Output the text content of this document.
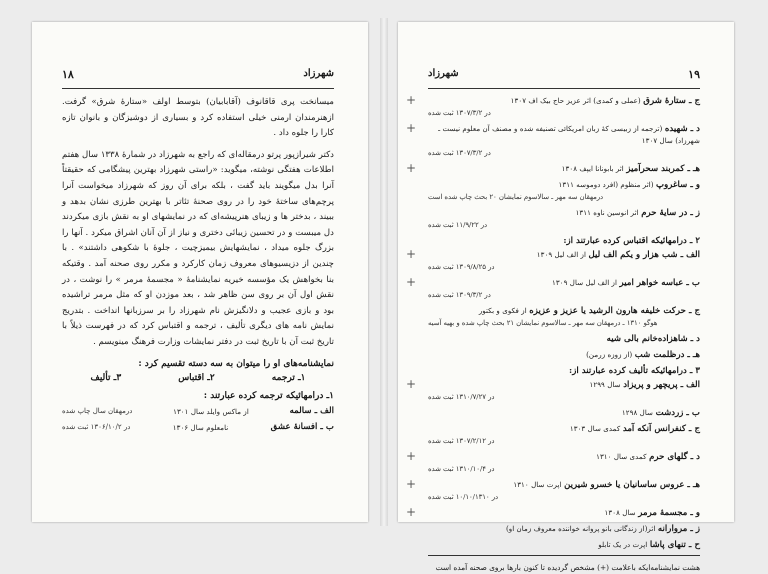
۱۸	شهرزاد

میسانخت پری قاقانوف (آقابابیان) بتوسط اولف «ستارهٔ شرق» گرفت. ازهنرمندان ارمنی خیلی استفاده کرد و بسیاری از دوشیزگان و بانوان تازه کارا را جلوه داد .

دکتر شیرازپور پرتو درمقاله‌ای که راجع به شهرزاد در شمارهٔ ۱۳۳۸ سال هفتم اطلاعات هفتگی نوشته، میگوید: «راستی شهرزاد بهترین پیشگامی که حقیقتاً آنرا بدل میگویند باید گفت ، بلکه برای آن روز که شهرزاد میخواست آنرا پرچم‌های ساختهٔ خود را در روی صحنهٔ تئاتر با بهترین طرزی نشان بدهد و ببیند ، بدختر ها و زیبای هنرپیشه‌ای که در نمایشهای او به نقش بازی میکردند دل میبست و در تحسین زیبائی دختری و نیاز از آن آنان اشراق میکرد . آنها را بزرگ جلوه میداد ، نمایشهایش بیمیزچیت ، جلوهٔ با شکوهی داشتند» . با چندین از دزیسیوهای معروف زمان کارکرد و مکرر روی صحنه آمد . وقتیکه بنا بخواهش یک مؤسسه خیریه نمایشنامهٔ « مجسمهٔ مرمر » را نوشت ، در نقش اول آن بر روی سن ظاهر شد ، بعد موزدن او که مثل مرمر تراشیده بود و بازی عجیب و دلانگیزش نام شهرزاد را بر سرزبانها انداخت . بتدریج نمایش نامه های دیگری تألیف ، ترجمه و اقتباس کرد که در فهرست ذیلاً با تاریخ ثبت آن با تاریخ ثبت در دفتر نمایشات وزارت فرهنگ مینویسم .

نمایشنامه‌های او را میتوان به سه دسته تقسیم کرد :
۱ـ ترجمه
۲ـ اقتباس
۳ـ تألیف
۱ـ درامهائیکه ترجمه کرده عبارتند :
الف ـ سالمه
از ماکس وایلد سال ۱۳۰۱
درمهقان سال چاپ شده
ب ـ افسانهٔ عشق
نامعلوم سال ۱۳۰۶
در ۱۳۰۶/۱۰/۲ ثبت شده
۱۹
شهرزاد
+	ج ـ ستارهٔ شرق (عملی و کمدی) اثر عزیز حاج بیک اف ۱۳۰۷
در ۱۳۰۷/۳/۲ ثبت شده
+	د ـ شهیده (ترجمه از زبیسی کهٔ زبان امریکائی تصنیفه شده و مصنف آن معلوم نیست ـ شهرزاد) سال ۱۳۰۷
در ۱۳۰۷/۳/۲ ثبت شده
+	هـ ـ کمربند سحرآمیز اثر بابونانا ایپف ۱۳۰۸
و ـ ساغروپ (اثر منظوم (افرد دوموسه ۱۳۱۱
درمهقان سه مهر ـ سالاسوم نمایشان ۲۰ بحث چاپ شده است
ز ـ در سایهٔ حرم اثر انوسین ناوه ۱۳۱۱
در ۱۱/۹/۲۲ ثبت شده
۲ ـ درامهائیکه اقتباس کرده عبارتند از:
+	الف ـ شب هزار و یکم الف لیل از الف لیل ۱۳۰۹
در ۱۳۰۹/۸/۲۵ ثبت شده
+	ب ـ عباسه خواهر امیر از الف لیل سال ۱۳۰۹
در ۱۳۰۹/۳/۲ ثبت شده
ج ـ حرکت خلیفه هارون الرشید یا عزیز و عزیزه از فکوی و بکتور
هوگو ۱۳۱۰ ـ درمهقان سه مهر ـ سالاسوم نمایشان ۲۱ بحث چاپ شده و بهیه آسیه
د ـ شاهزاده‌خانم بالی شیه
هـ ـ درظلمت شب (از زوزه زرمن)
۳ ـ درامهائیکه تألیف کرده عبارتند از:
+	الف ـ پریچهر و پریزاد سال ۱۲۹۹
در ۱۳۱۰/۷/۲۷ ثبت شده
ب ـ زردشت سال ۱۲۹۸
ج ـ کنفرانس آنکه آمد کمدی سال ۱۳۰۳
در ۱۳۰۷/۲/۱۲ ثبت شده
+	د ـ گلهای حرم کمدی سال ۱۳۱۰
در ۱۳۱۰/۱۰/۴ ثبت شده
+	هـ ـ عروس ساسانیان یا خسرو شیرین اپرت سال ۱۳۱۰
در ۱۰/۱۰/۱۳۱۰ ثبت شده
+	و ـ مجسمهٔ مرمر سال ۱۳۰۸
ز ـ مروارانه اثر(از زندگانی بانو پروانه خواننده معروف زمان او)
ح ـ تنهای پاشا اپرت در یک تابلو
هشت نمایشنامه‌ایکه باعلامت (+) مشخص گردیده تا کنون بارها بروی صحنه آمده است
